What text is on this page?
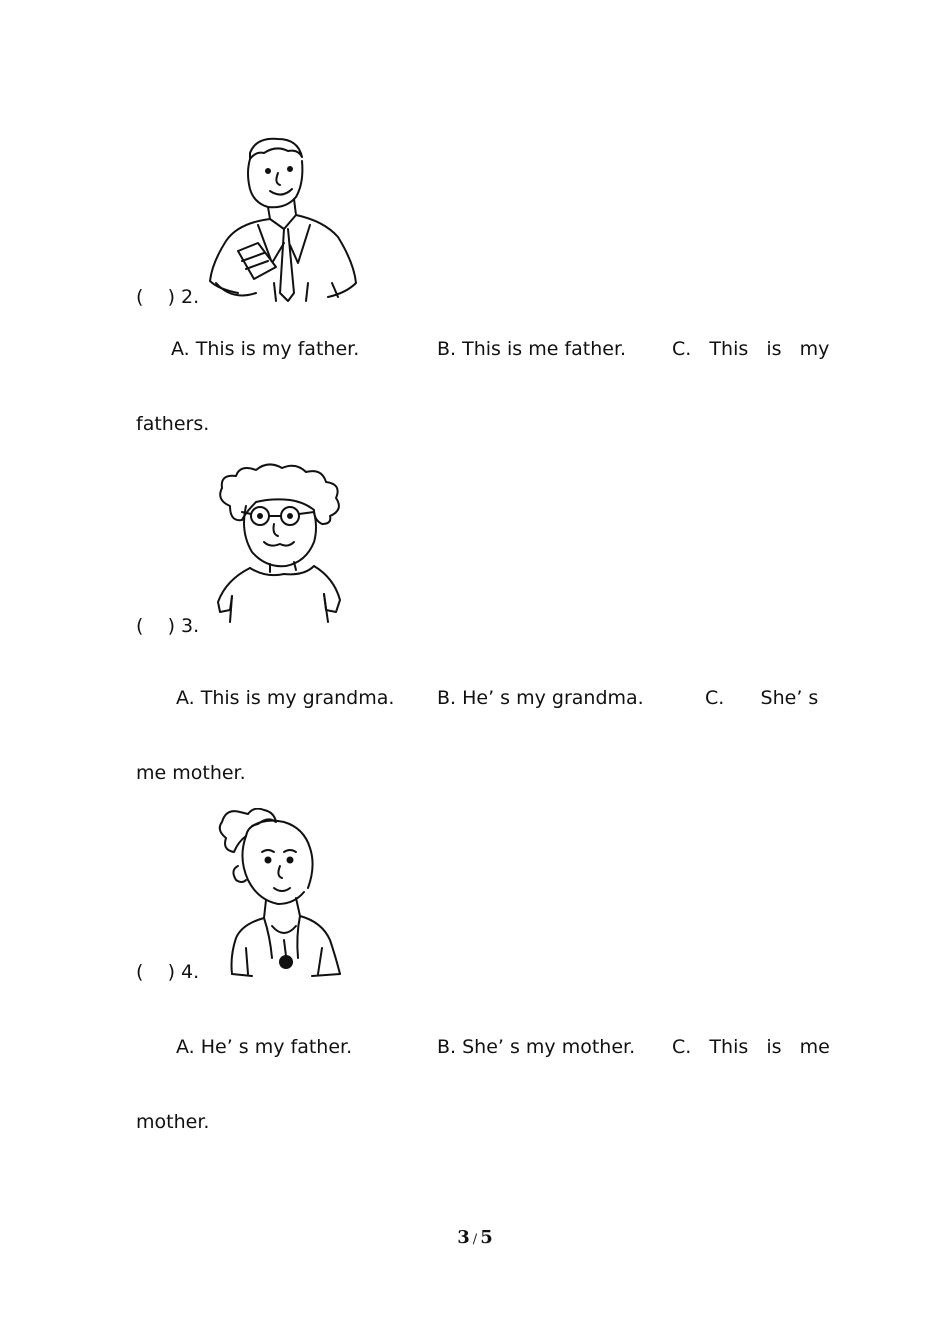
(    ) 2.
A. This is my father.	B. This is me father. C.   This   is   my
fathers.
(    ) 3.
A. This is my grandma. B. He’ s my grandma.	C.      She’ s
me mother.
(    ) 4.
A. He’ s my father.	B. She’ s my mother. C.   This   is   me
mother.
3 / 5
